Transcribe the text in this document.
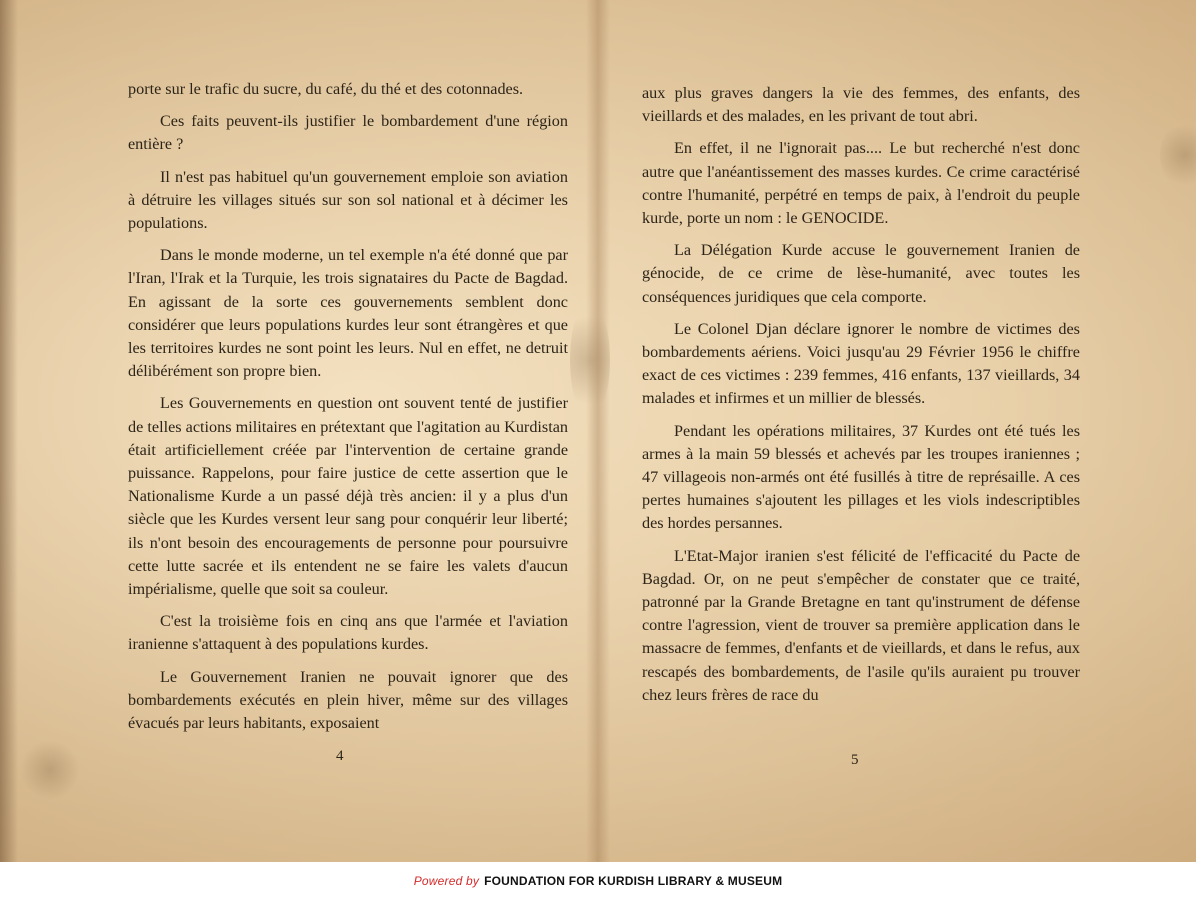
porte sur le trafic du sucre, du café, du thé et des cotonnades.

Ces faits peuvent-ils justifier le bombardement d'une région entière ?

Il n'est pas habituel qu'un gouvernement emploie son aviation à détruire les villages situés sur son sol national et à décimer les populations.

Dans le monde moderne, un tel exemple n'a été donné que par l'Iran, l'Irak et la Turquie, les trois signataires du Pacte de Bagdad. En agissant de la sorte ces gouvernements semblent donc considérer que leurs populations kurdes leur sont étrangères et que les territoires kurdes ne sont point les leurs. Nul en effet, ne detruit délibérément son propre bien.

Les Gouvernements en question ont souvent tenté de justifier de telles actions militaires en prétextant que l'agitation au Kurdistan était artificiellement créée par l'intervention de certaine grande puissance. Rappelons, pour faire justice de cette assertion que le Nationalisme Kurde a un passé déjà très ancien: il y a plus d'un siècle que les Kurdes versent leur sang pour conquérir leur liberté; ils n'ont besoin des encouragements de personne pour poursuivre cette lutte sacrée et ils entendent ne se faire les valets d'aucun impérialisme, quelle que soit sa couleur.

C'est la troisième fois en cinq ans que l'armée et l'aviation iranienne s'attaquent à des populations kurdes.

Le Gouvernement Iranien ne pouvait ignorer que des bombardements exécutés en plein hiver, même sur des villages évacués par leurs habitants, exposaient

4

aux plus graves dangers la vie des femmes, des enfants, des vieillards et des malades, en les privant de tout abri.

En effet, il ne l'ignorait pas.... Le but recherché n'est donc autre que l'anéantissement des masses kurdes. Ce crime caractérisé contre l'humanité, perpétré en temps de paix, à l'endroit du peuple kurde, porte un nom : le GENOCIDE.

La Délégation Kurde accuse le gouvernement Iranien de génocide, de ce crime de lèse-humanité, avec toutes les conséquences juridiques que cela comporte.

Le Colonel Djan déclare ignorer le nombre de victimes des bombardements aériens. Voici jusqu'au 29 Février 1956 le chiffre exact de ces victimes : 239 femmes, 416 enfants, 137 vieillards, 34 malades et infirmes et un millier de blessés.

Pendant les opérations militaires, 37 Kurdes ont été tués les armes à la main 59 blessés et achevés par les troupes iraniennes ; 47 villageois non-armés ont été fusillés à titre de représaille. A ces pertes humaines s'ajoutent les pillages et les viols indescriptibles des hordes persannes.

L'Etat-Major iranien s'est félicité de l'efficacité du Pacte de Bagdad. Or, on ne peut s'empêcher de constater que ce traité, patronné par la Grande Bretagne en tant qu'instrument de défense contre l'agression, vient de trouver sa première application dans le massacre de femmes, d'enfants et de vieillards, et dans le refus, aux rescapés des bombardements, de l'asile qu'ils auraient pu trouver chez leurs frères de race du

5
Powered by FOUNDATION FOR KURDISH LIBRARY & MUSEUM
